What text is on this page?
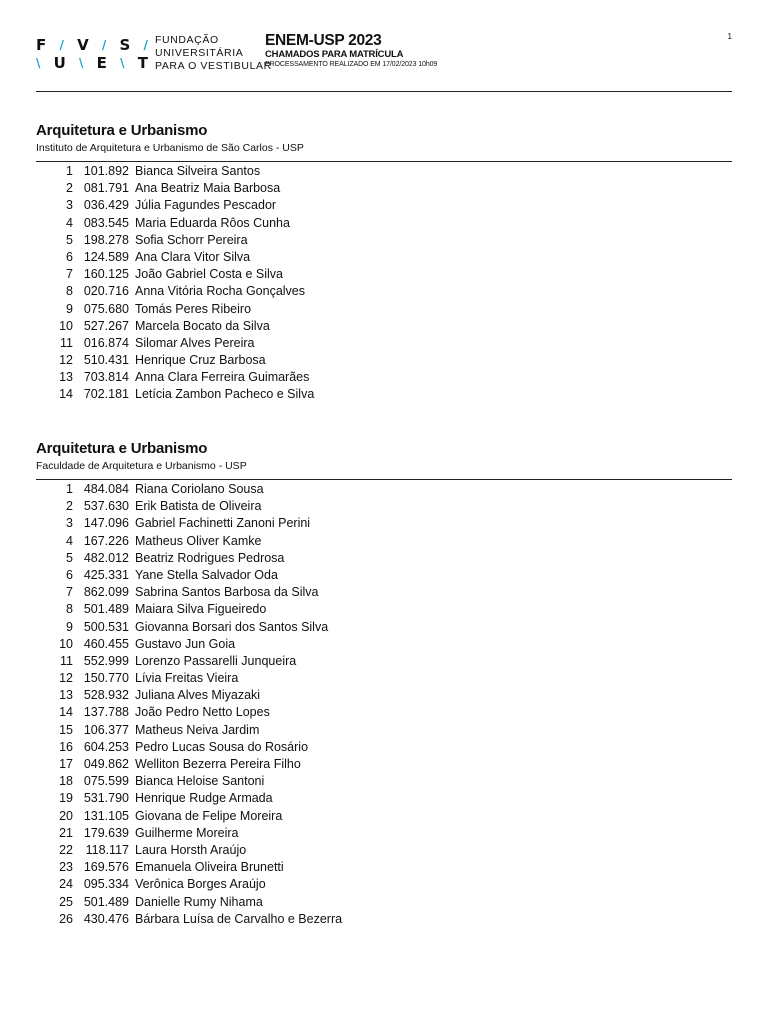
F / V / S /
\ U \ E \ T
FUNDAÇÃO
UNIVERSITÁRIA
PARA O VESTIBULAR
ENEM-USP 2023
CHAMADOS PARA MATRÍCULA
PROCESSAMENTO REALIZADO EM 17/02/2023 10h09
1
Arquitetura e Urbanismo
Instituto de Arquitetura e Urbanismo de São Carlos - USP
1 101.892 Bianca Silveira Santos
2 081.791 Ana Beatriz Maia Barbosa
3 036.429 Júlia Fagundes Pescador
4 083.545 Maria Eduarda Rôos Cunha
5 198.278 Sofia Schorr Pereira
6 124.589 Ana Clara Vitor Silva
7 160.125 João Gabriel Costa e Silva
8 020.716 Anna Vitória Rocha Gonçalves
9 075.680 Tomás Peres Ribeiro
10 527.267 Marcela Bocato da Silva
11 016.874 Silomar Alves Pereira
12 510.431 Henrique Cruz Barbosa
13 703.814 Anna Clara Ferreira Guimarães
14 702.181 Letícia Zambon Pacheco e Silva
Arquitetura e Urbanismo
Faculdade de Arquitetura e Urbanismo - USP
1 484.084 Riana Coriolano Sousa
2 537.630 Erik Batista de Oliveira
3 147.096 Gabriel Fachinetti Zanoni Perini
4 167.226 Matheus Oliver Kamke
5 482.012 Beatriz Rodrigues Pedrosa
6 425.331 Yane Stella Salvador Oda
7 862.099 Sabrina Santos Barbosa da Silva
8 501.489 Maiara Silva Figueiredo
9 500.531 Giovanna Borsari dos Santos Silva
10 460.455 Gustavo Jun Goia
11 552.999 Lorenzo Passarelli Junqueira
12 150.770 Lívia Freitas Vieira
13 528.932 Juliana Alves Miyazaki
14 137.788 João Pedro Netto Lopes
15 106.377 Matheus Neiva Jardim
16 604.253 Pedro Lucas Sousa do Rosário
17 049.862 Welliton Bezerra Pereira Filho
18 075.599 Bianca Heloise Santoni
19 531.790 Henrique Rudge Armada
20 131.105 Giovana de Felipe Moreira
21 179.639 Guilherme Moreira
22	118.117 Laura Horsth Araújo
23 169.576 Emanuela Oliveira Brunetti
24 095.334 Verônica Borges Araújo
25 501.489 Danielle Rumy Nihama
26 430.476 Bárbara Luísa de Carvalho e Bezerra
